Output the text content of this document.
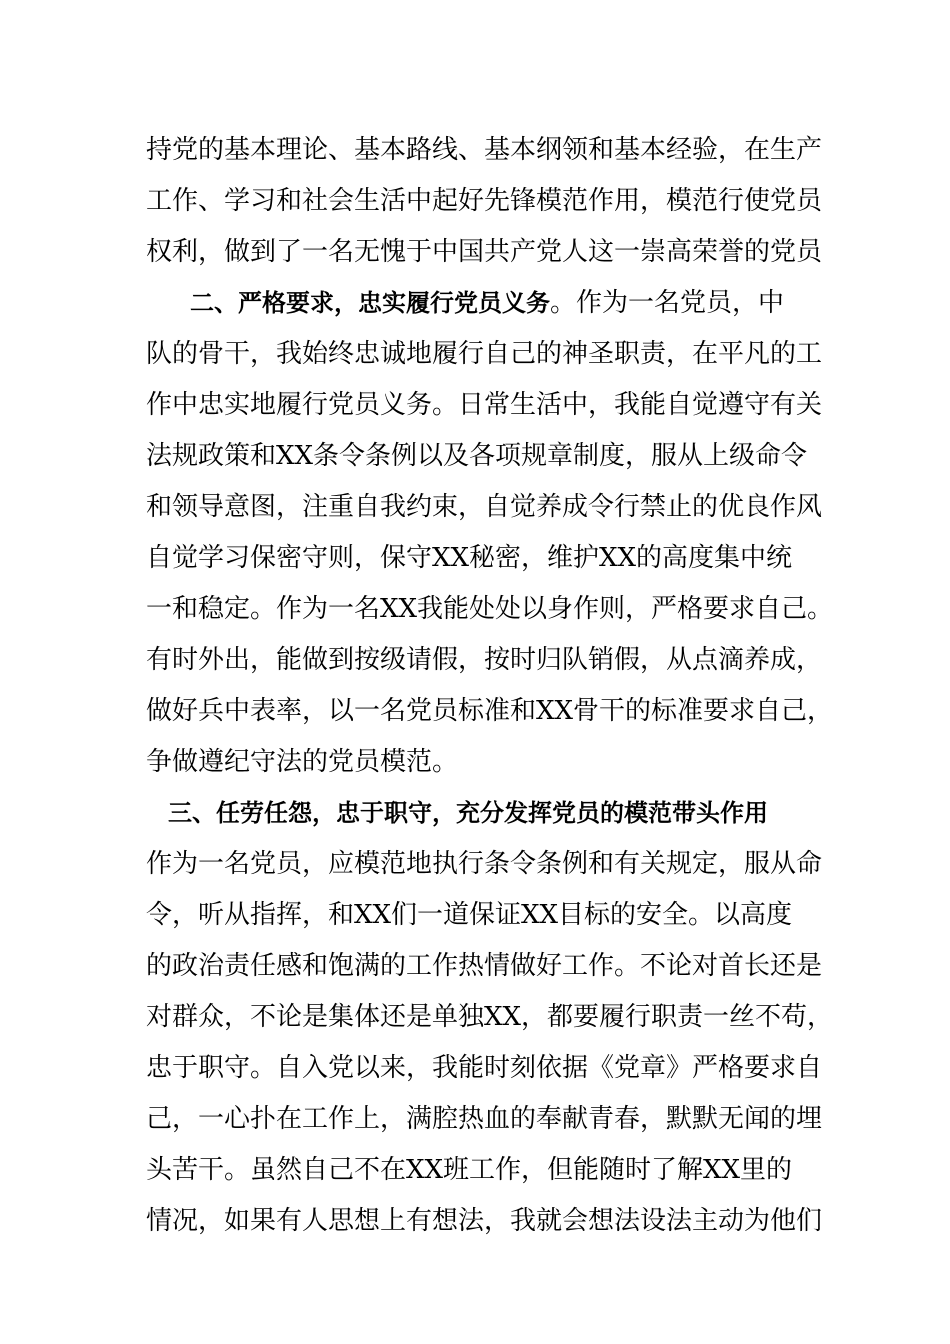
持党的基本理论、基本路线、基本纲领和基本经验，在生产
工作、学习和社会生活中起好先锋模范作用，模范行使党员
权利，做到了一名无愧于中国共产党人这一崇高荣誉的党员
二、严格要求，忠实履行党员义务。作为一名党员，中
队的骨干，我始终忠诚地履行自己的神圣职责，在平凡的工
作中忠实地履行党员义务。日常生活中，我能自觉遵守有关
法规政策和XX条令条例以及各项规章制度，服从上级命令
和领导意图，注重自我约束，自觉养成令行禁止的优良作风
自觉学习保密守则，保守XX秘密，维护XX的高度集中统
一和稳定。作为一名XX我能处处以身作则，严格要求自己。
有时外出，能做到按级请假，按时归队销假，从点滴养成，
做好兵中表率，以一名党员标准和XX骨干的标准要求自己，
争做遵纪守法的党员模范。
三、任劳任怨，忠于职守，充分发挥党员的模范带头作用
作为一名党员，应模范地执行条令条例和有关规定，服从命
令，听从指挥，和XX们一道保证XX目标的安全。以高度
的政治责任感和饱满的工作热情做好工作。不论对首长还是
对群众，不论是集体还是单独XX，都要履行职责一丝不苟，
忠于职守。自入党以来，我能时刻依据《党章》严格要求自
己，一心扑在工作上，满腔热血的奉献青春，默默无闻的埋
头苦干。虽然自己不在XX班工作，但能随时了解XX里的
情况，如果有人思想上有想法，我就会想法设法主动为他们
